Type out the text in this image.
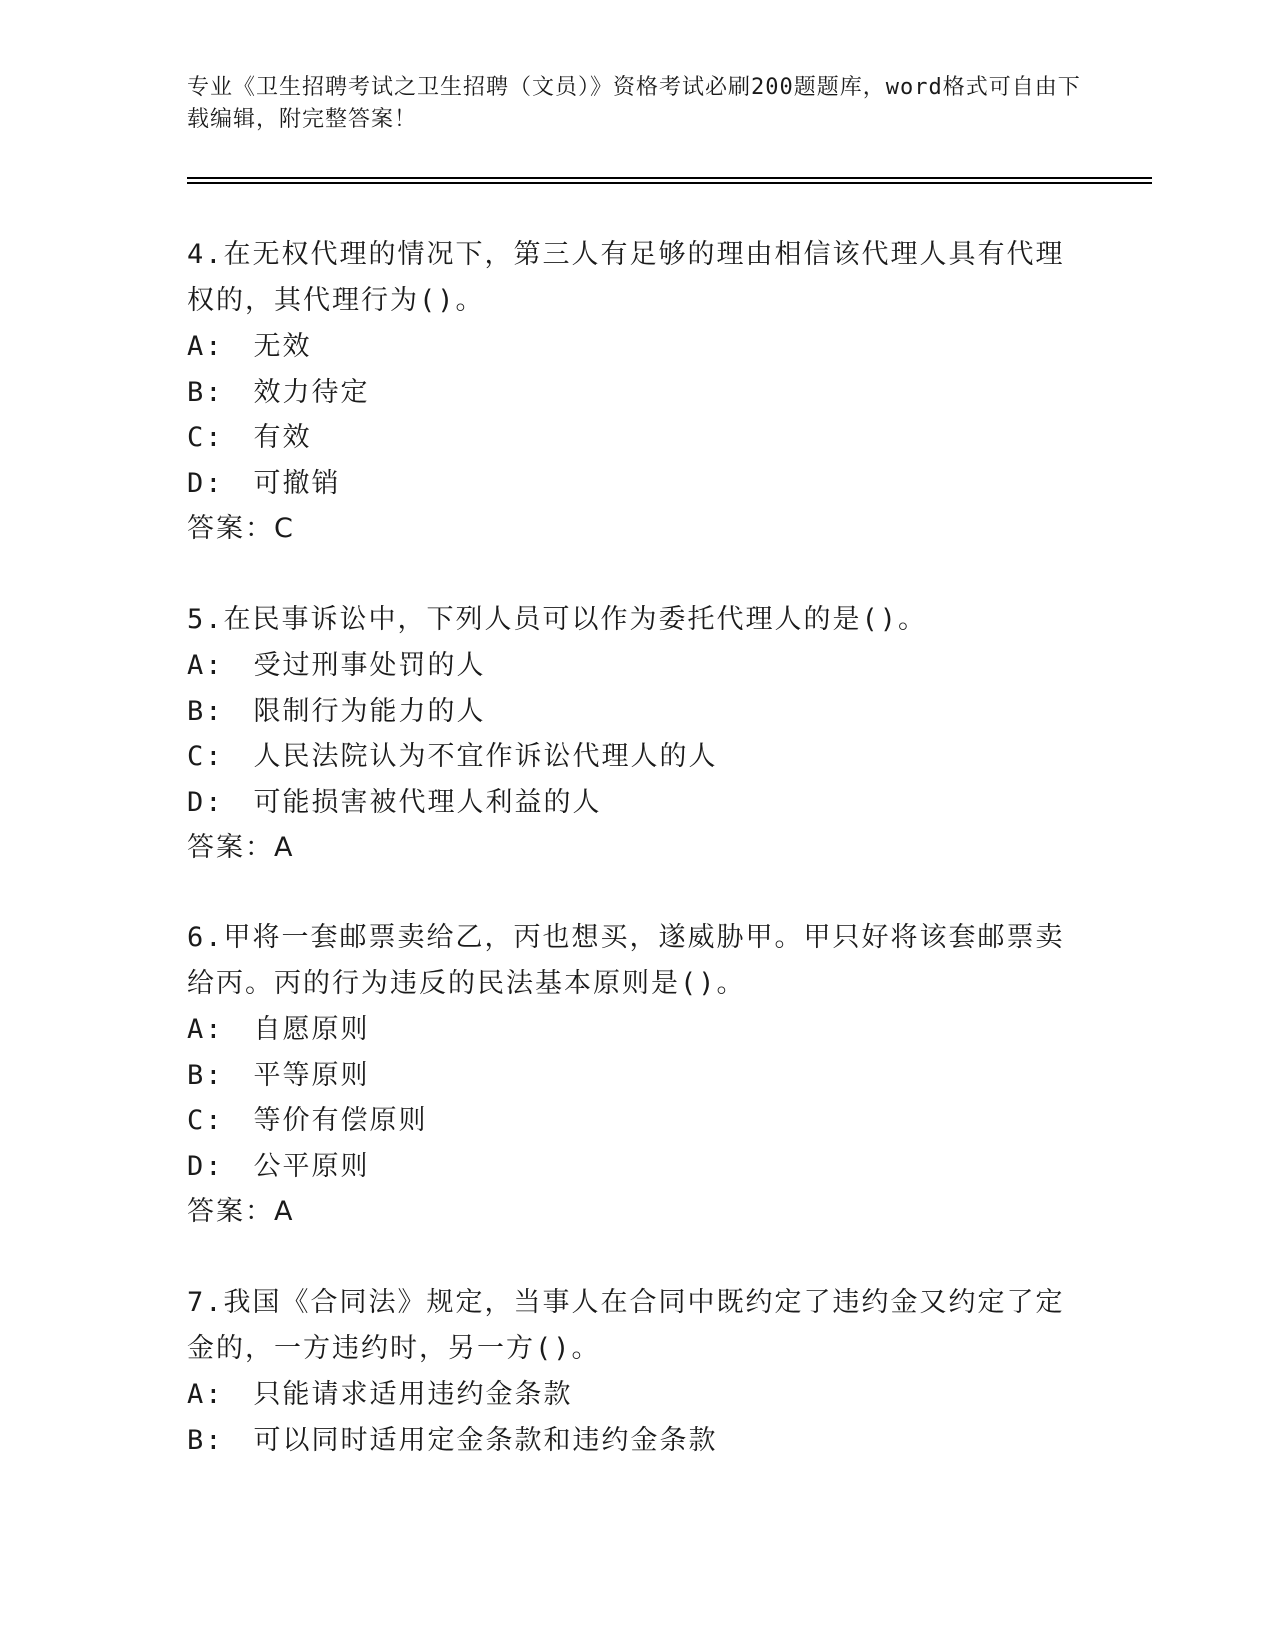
专业《卫生招聘考试之卫生招聘（文员）》资格考试必刷200题题库，word格式可自由下载编辑，附完整答案！

4.在无权代理的情况下，第三人有足够的理由相信该代理人具有代理权的，其代理行为()。

A: 无效

B: 效力待定

C: 有效

D: 可撤销

答案：C

5.在民事诉讼中，下列人员可以作为委托代理人的是()。

A: 受过刑事处罚的人

B: 限制行为能力的人

C: 人民法院认为不宜作诉讼代理人的人

D: 可能损害被代理人利益的人

答案：A

6.甲将一套邮票卖给乙，丙也想买，遂威胁甲。甲只好将该套邮票卖给丙。丙的行为违反的民法基本原则是()。

A: 自愿原则

B: 平等原则

C: 等价有偿原则

D: 公平原则

答案：A

7.我国《合同法》规定，当事人在合同中既约定了违约金又约定了定金的，一方违约时，另一方()。

A: 只能请求适用违约金条款

B: 可以同时适用定金条款和违约金条款
